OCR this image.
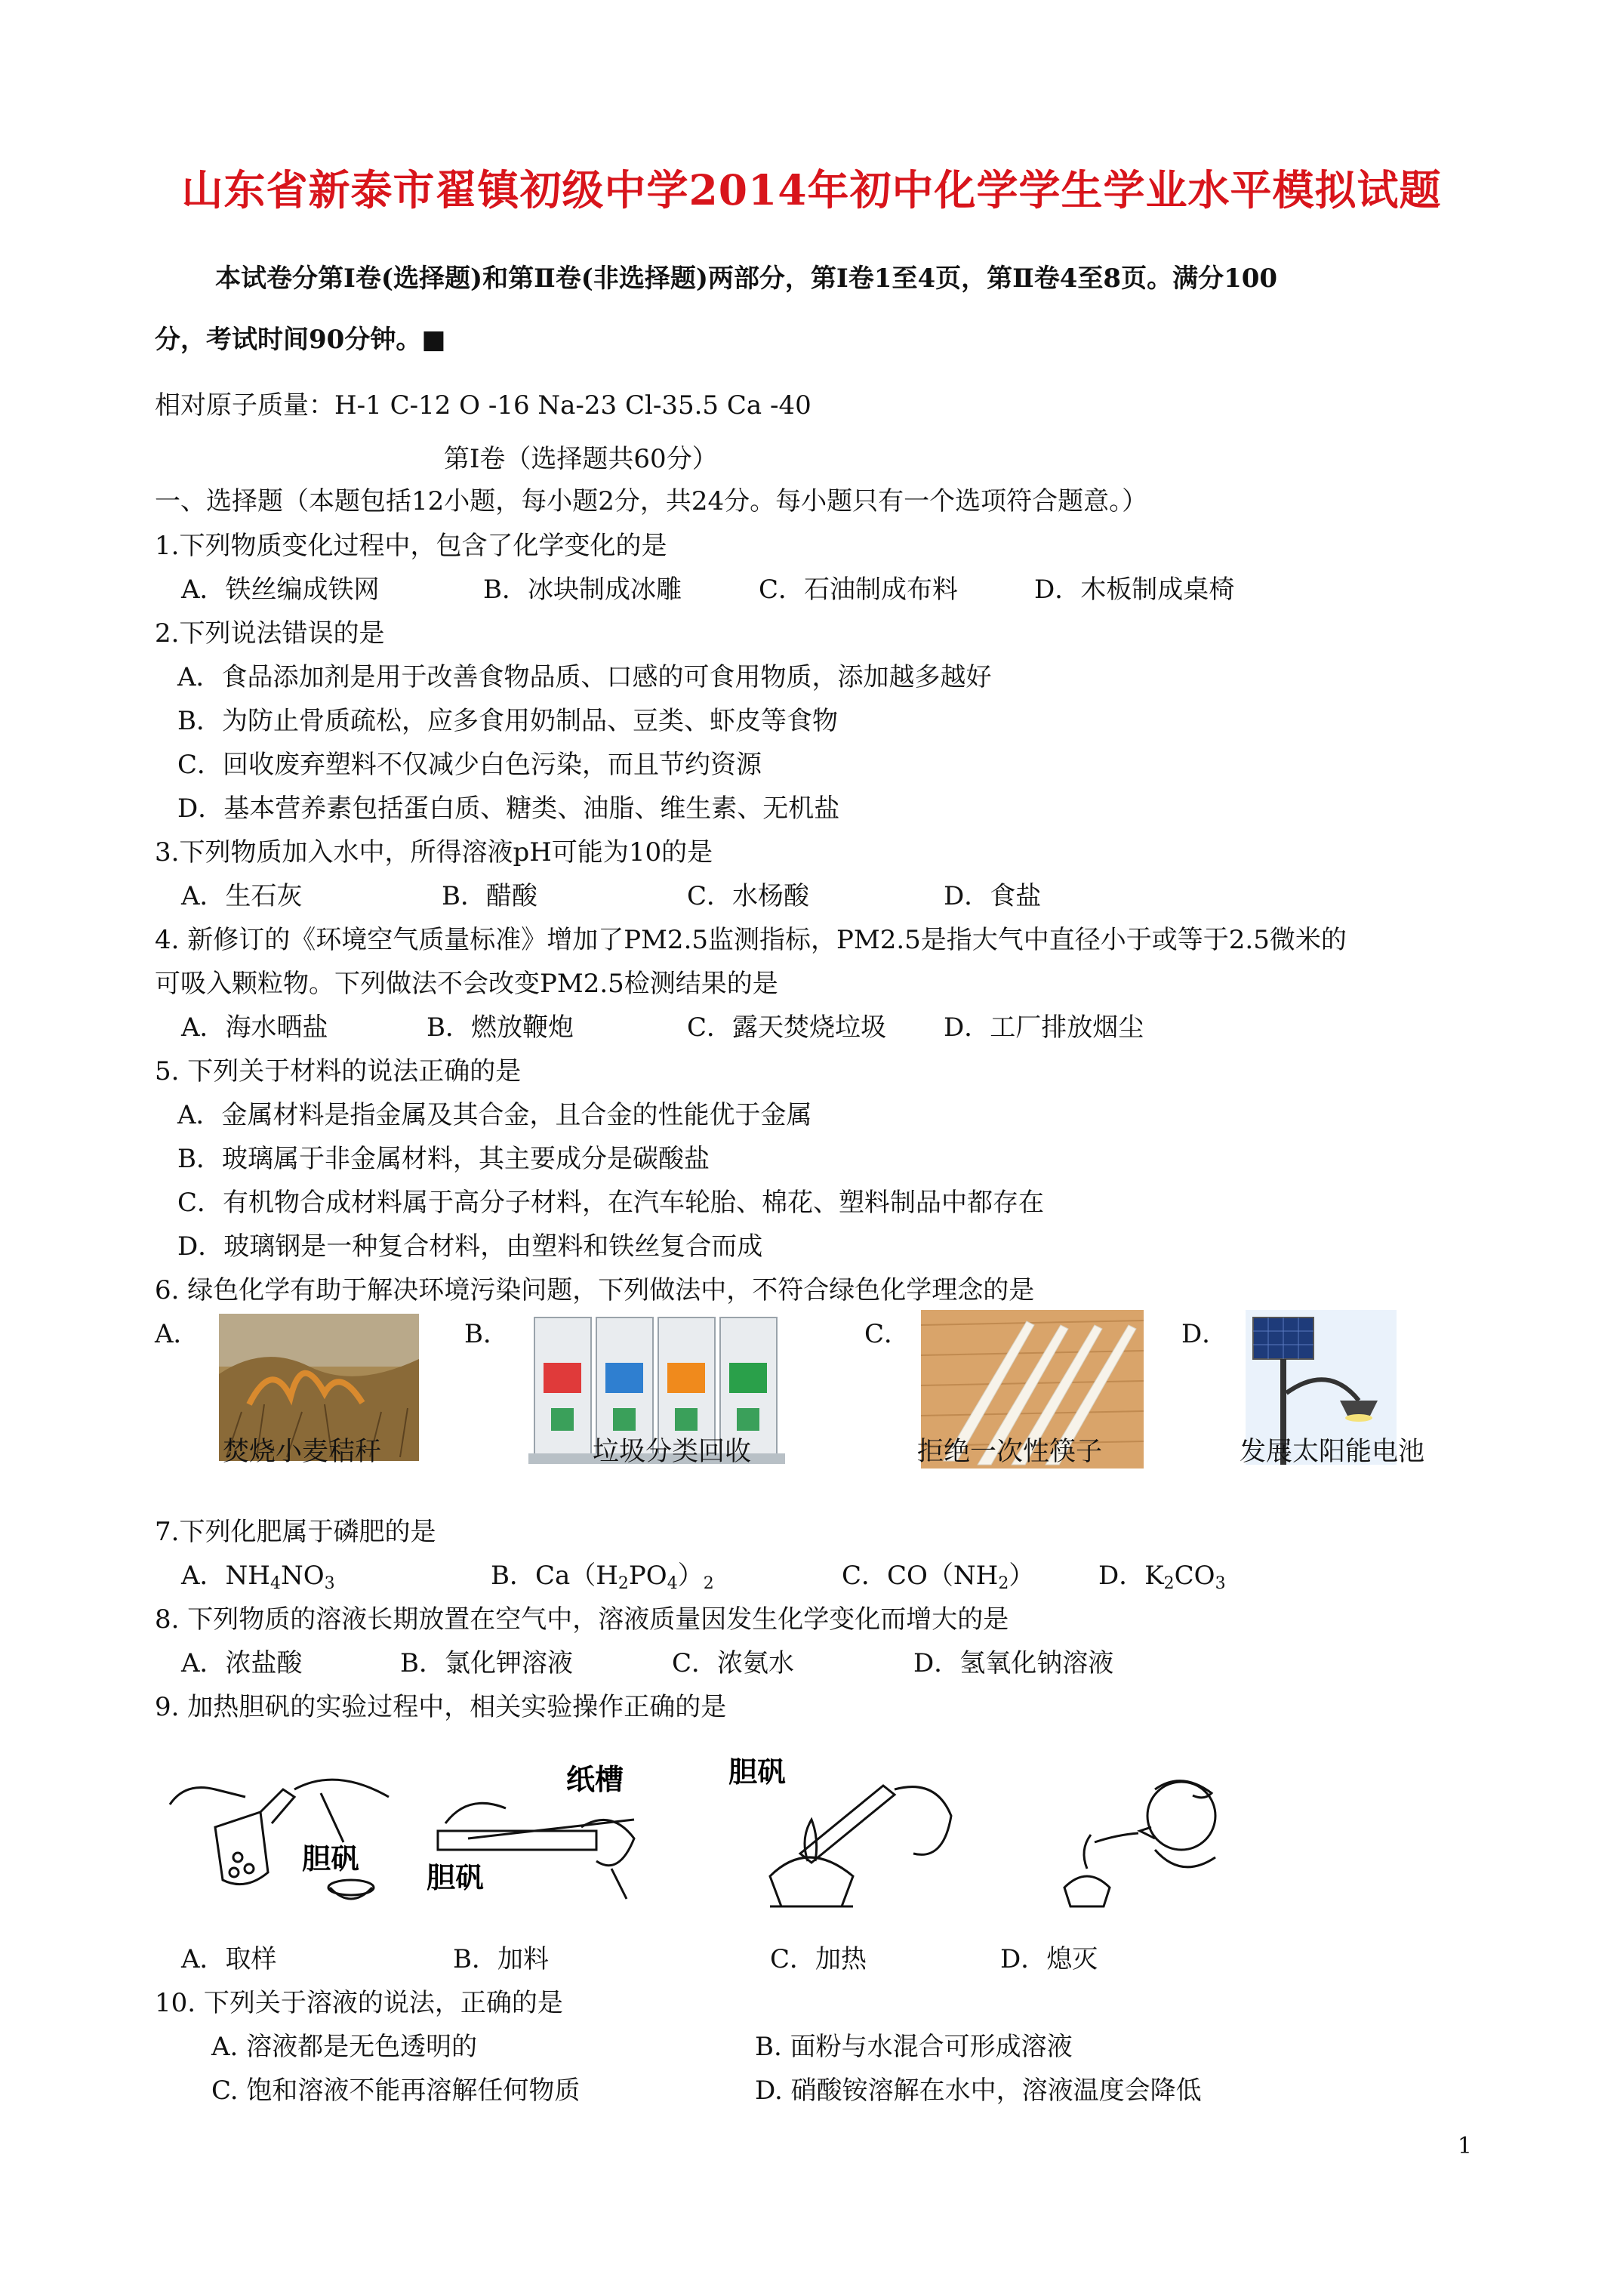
山东省新泰市翟镇初级中学2014年初中化学学生学业水平模拟试题
本试卷分第Ⅰ卷(选择题)和第Ⅱ卷(非选择题)两部分，第Ⅰ卷1至4页，第Ⅱ卷4至8页。满分100
分，考试时间90分钟。■
相对原子质量：H-1 C-12 O -16 Na-23 Cl-35.5 Ca -40
第Ⅰ卷（选择题共60分）
一、选择题（本题包括12小题，每小题2分，共24分。每小题只有一个选项符合题意。）
1.下列物质变化过程中，包含了化学变化的是
A．铁丝编成铁网	B．冰块制成冰雕	C．石油制成布料	D．木板制成桌椅
2.下列说法错误的是
A．食品添加剂是用于改善食物品质、口感的可食用物质，添加越多越好
B．为防止骨质疏松，应多食用奶制品、豆类、虾皮等食物
C．回收废弃塑料不仅减少白色污染，而且节约资源
D．基本营养素包括蛋白质、糖类、油脂、维生素、无机盐
3.下列物质加入水中，所得溶液pH可能为10的是
A．生石灰	B．醋酸	C．水杨酸	D．食盐
4. 新修订的《环境空气质量标准》增加了PM2.5监测指标，PM2.5是指大气中直径小于或等于2.5微米的
可吸入颗粒物。下列做法不会改变PM2.5检测结果的是
A．海水晒盐	B．燃放鞭炮	C．露天焚烧垃圾 D．工厂排放烟尘
5. 下列关于材料的说法正确的是
A．金属材料是指金属及其合金，且合金的性能优于金属
B．玻璃属于非金属材料，其主要成分是碳酸盐
C．有机物合成材料属于高分子材料，在汽车轮胎、棉花、塑料制品中都存在
D．玻璃钢是一种复合材料，由塑料和铁丝复合而成
6. 绿色化学有助于解决环境污染问题，下列做法中，不符合绿色化学理念的是
A．	B．	C．	D．
焚烧小麦秸秆	垃圾分类回收	拒绝一次性筷子	发展太阳能电池
7.下列化肥属于磷肥的是
A．$NH_4NO_3$	B．$Ca(H_2PO_4)_2$	C．$CO(NH_2)$ D．$K_2CO_3$
8. 下列物质的溶液长期放置在空气中，溶液质量因发生化学变化而增大的是
A．浓盐酸	B．氯化钾溶液	C．浓氨水	D．氢氧化钠溶液
9. 加热胆矾的实验过程中，相关实验操作正确的是
胆矾
纸槽
胆矾
胆矾
A．取样	B．加料	C．加热	D．熄灭
10. 下列关于溶液的说法，正确的是
A. 溶液都是无色透明的	B. 面粉与水混合可形成溶液
C. 饱和溶液不能再溶解任何物质	D. 硝酸铵溶解在水中，溶液温度会降低
1
